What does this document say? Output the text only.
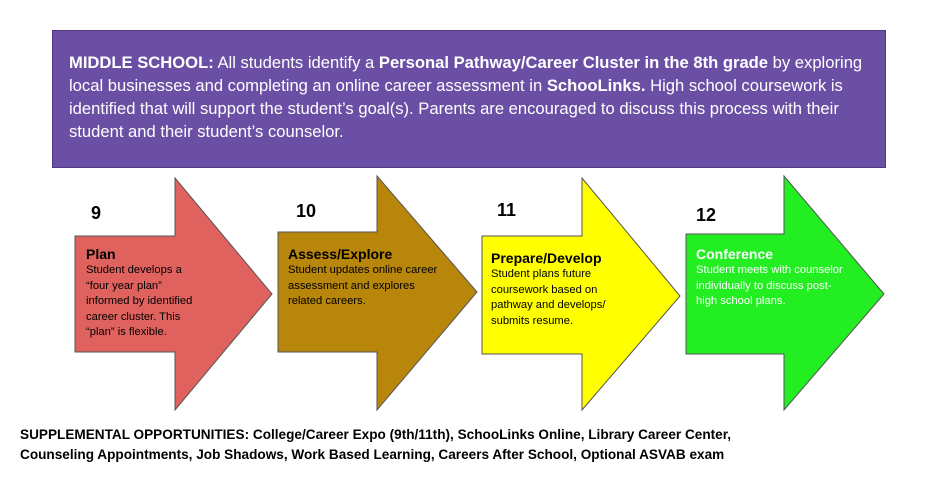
MIDDLE SCHOOL: All students identify a Personal Pathway/Career Cluster in the 8th grade by exploring local businesses and completing an online career assessment in SchooLinks. High school coursework is identified that will support the student’s goal(s). Parents are encouraged to discuss this process with their student and their student’s counselor.
9	10	11	12
Plan
Student develops a “four year plan” informed by identified career cluster. This “plan” is flexible.
Assess/Explore
Student updates online career assessment and explores related careers.
Prepare/Develop
Student plans future coursework based on pathway and develops/ submits resume.
Conference
Student meets with counselor individually to discuss post-high school plans.
SUPPLEMENTAL OPPORTUNITIES: College/Career Expo (9th/11th), SchooLinks Online, Library Career Center,
Counseling Appointments, Job Shadows, Work Based Learning, Careers After School, Optional ASVAB exam
